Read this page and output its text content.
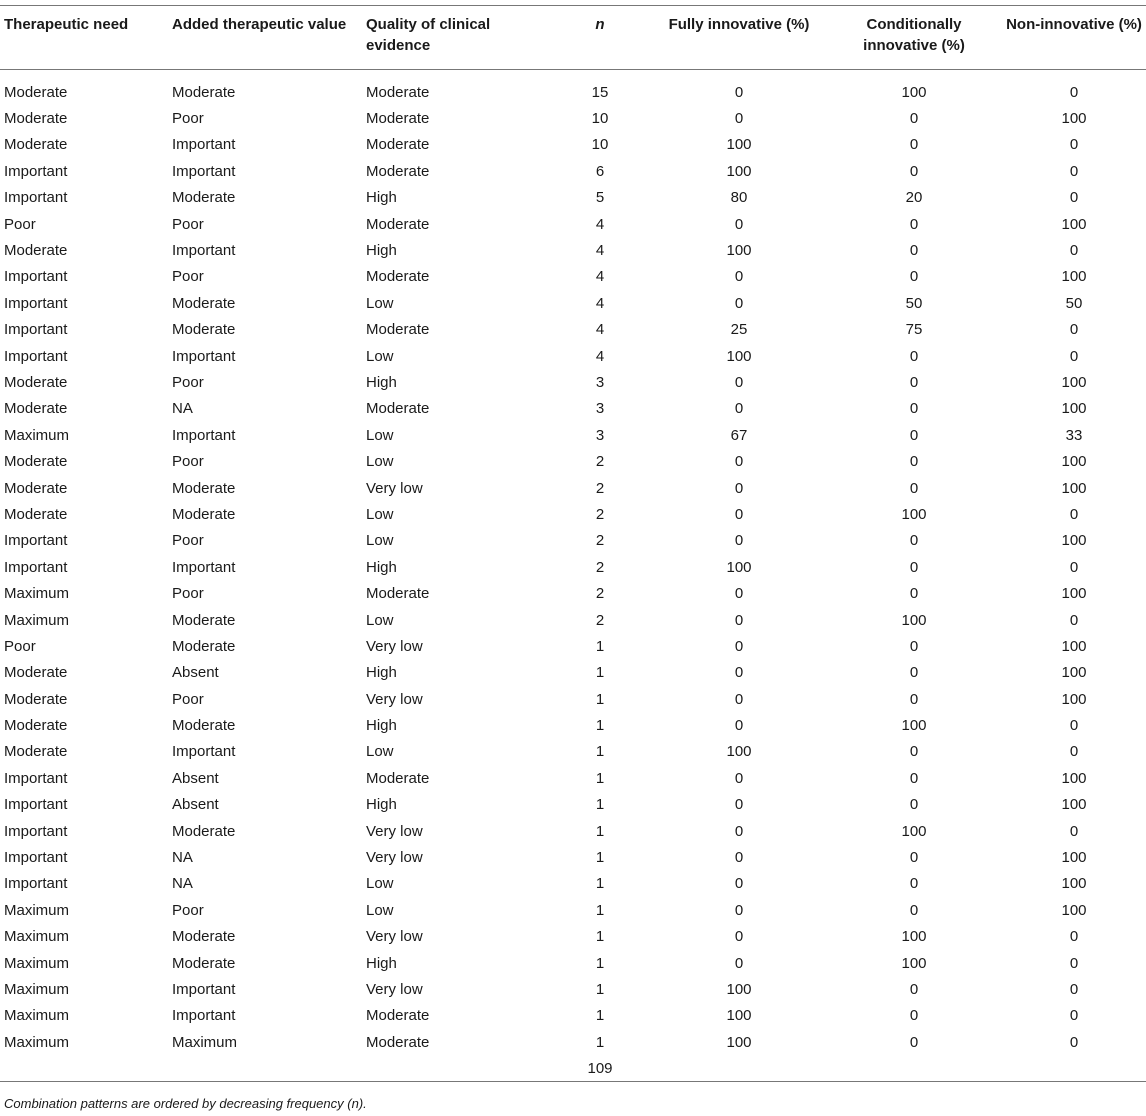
Therapeutic need	Added therapeutic value	Quality of clinical evidence	n	Fully innovative (%)	Conditionally innovative (%)	Non-innovative (%)
Moderate	Moderate	Moderate	15	0	100	0
Moderate	Poor	Moderate	10	0	0	100
Moderate	Important	Moderate	10	100	0	0
Important	Important	Moderate	6	100	0	0
Important	Moderate	High	5	80	20	0
Poor	Poor	Moderate	4	0	0	100
Moderate	Important	High	4	100	0	0
Important	Poor	Moderate	4	0	0	100
Important	Moderate	Low	4	0	50	50
Important	Moderate	Moderate	4	25	75	0
Important	Important	Low	4	100	0	0
Moderate	Poor	High	3	0	0	100
Moderate	NA	Moderate	3	0	0	100
Maximum	Important	Low	3	67	0	33
Moderate	Poor	Low	2	0	0	100
Moderate	Moderate	Very low	2	0	0	100
Moderate	Moderate	Low	2	0	100	0
Important	Poor	Low	2	0	0	100
Important	Important	High	2	100	0	0
Maximum	Poor	Moderate	2	0	0	100
Maximum	Moderate	Low	2	0	100	0
Poor	Moderate	Very low	1	0	0	100
Moderate	Absent	High	1	0	0	100
Moderate	Poor	Very low	1	0	0	100
Moderate	Moderate	High	1	0	100	0
Moderate	Important	Low	1	100	0	0
Important	Absent	Moderate	1	0	0	100
Important	Absent	High	1	0	0	100
Important	Moderate	Very low	1	0	100	0
Important	NA	Very low	1	0	0	100
Important	NA	Low	1	0	0	100
Maximum	Poor	Low	1	0	0	100
Maximum	Moderate	Very low	1	0	100	0
Maximum	Moderate	High	1	0	100	0
Maximum	Important	Very low	1	100	0	0
Maximum	Important	Moderate	1	100	0	0
Maximum	Maximum	Moderate	1	100	0	0
			109			
Combination patterns are ordered by decreasing frequency (n).
